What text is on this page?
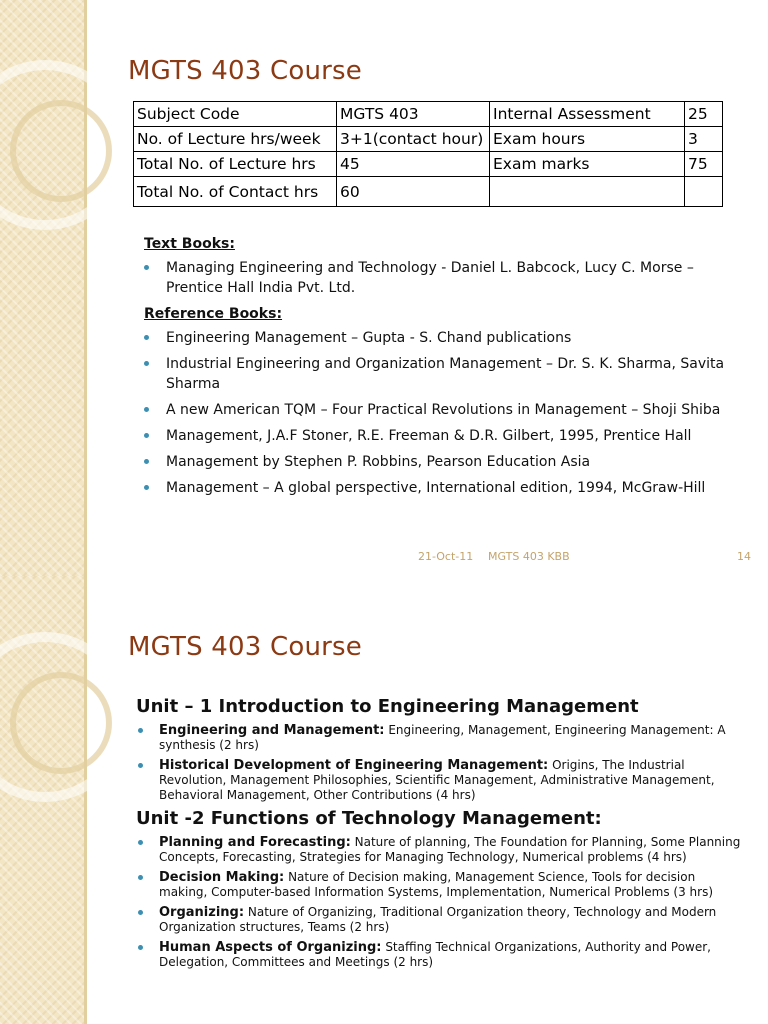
MGTS 403 Course
Subject Code	MGTS 403	Internal Assessment	25
No. of Lecture hrs/week	3+1(contact hour)	Exam hours	3
Total No. of Lecture hrs	45	Exam marks	75
Total No. of Contact hrs	60		
Text Books:
Managing Engineering and Technology - Daniel L. Babcock, Lucy C. Morse – Prentice Hall India Pvt. Ltd.
Reference Books:
Engineering Management – Gupta - S. Chand publications
Industrial Engineering and Organization Management – Dr. S. K. Sharma, Savita Sharma
A new American TQM – Four Practical Revolutions in Management – Shoji Shiba
Management, J.A.F Stoner, R.E. Freeman & D.R. Gilbert, 1995, Prentice Hall
Management by Stephen P. Robbins, Pearson Education Asia
Management – A global perspective, International edition, 1994, McGraw-Hill
21-Oct-11 MGTS 403 KBB	14
MGTS 403 Course
Unit – 1 Introduction to Engineering Management
Engineering and Management: Engineering, Management, Engineering Management: A synthesis (2 hrs)
Historical Development of Engineering Management: Origins, The Industrial Revolution, Management Philosophies, Scientific Management, Administrative Management, Behavioral Management, Other Contributions (4 hrs)
Unit -2 Functions of Technology Management:
Planning and Forecasting: Nature of planning, The Foundation for Planning, Some Planning Concepts, Forecasting, Strategies for Managing Technology, Numerical problems (4 hrs)
Decision Making: Nature of Decision making, Management Science, Tools for decision making, Computer-based Information Systems, Implementation, Numerical Problems (3 hrs)
Organizing: Nature of Organizing, Traditional Organization theory, Technology and Modern Organization structures, Teams (2 hrs)
Human Aspects of Organizing: Staffing Technical Organizations, Authority and Power, Delegation, Committees and Meetings (2 hrs)
